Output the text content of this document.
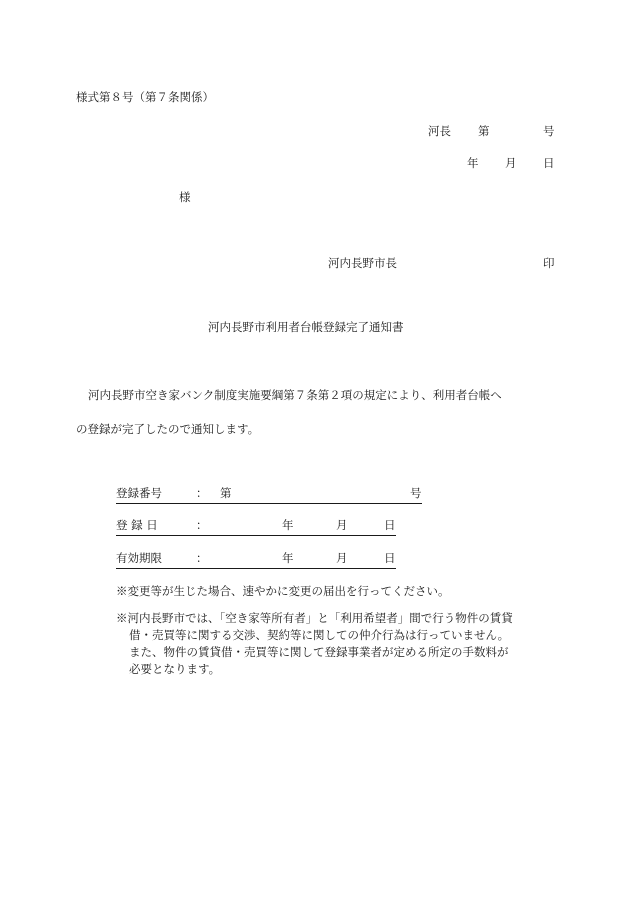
様式第８号（第７条関係）
河長 第	号
年 月 日
様
河内長野市長	印
河内長野市利用者台帳登録完了通知書
河内長野市空き家バンク制度実施要綱第７条第２項の規定により、利用者台帳へ
の登録が完了したので通知します。
登録番号	： 第	号
登 録 日	：	年	月	日
有効期限	：	年	月	日
※変更等が生じた場合、速やかに変更の届出を行ってください。
※河内長野市では、「空き家等所有者」と「利用希望者」間で行う物件の賃貸
借・売買等に関する交渉、契約等に関しての仲介行為は行っていません。
また、物件の賃貸借・売買等に関して登録事業者が定める所定の手数料が
必要となります。
